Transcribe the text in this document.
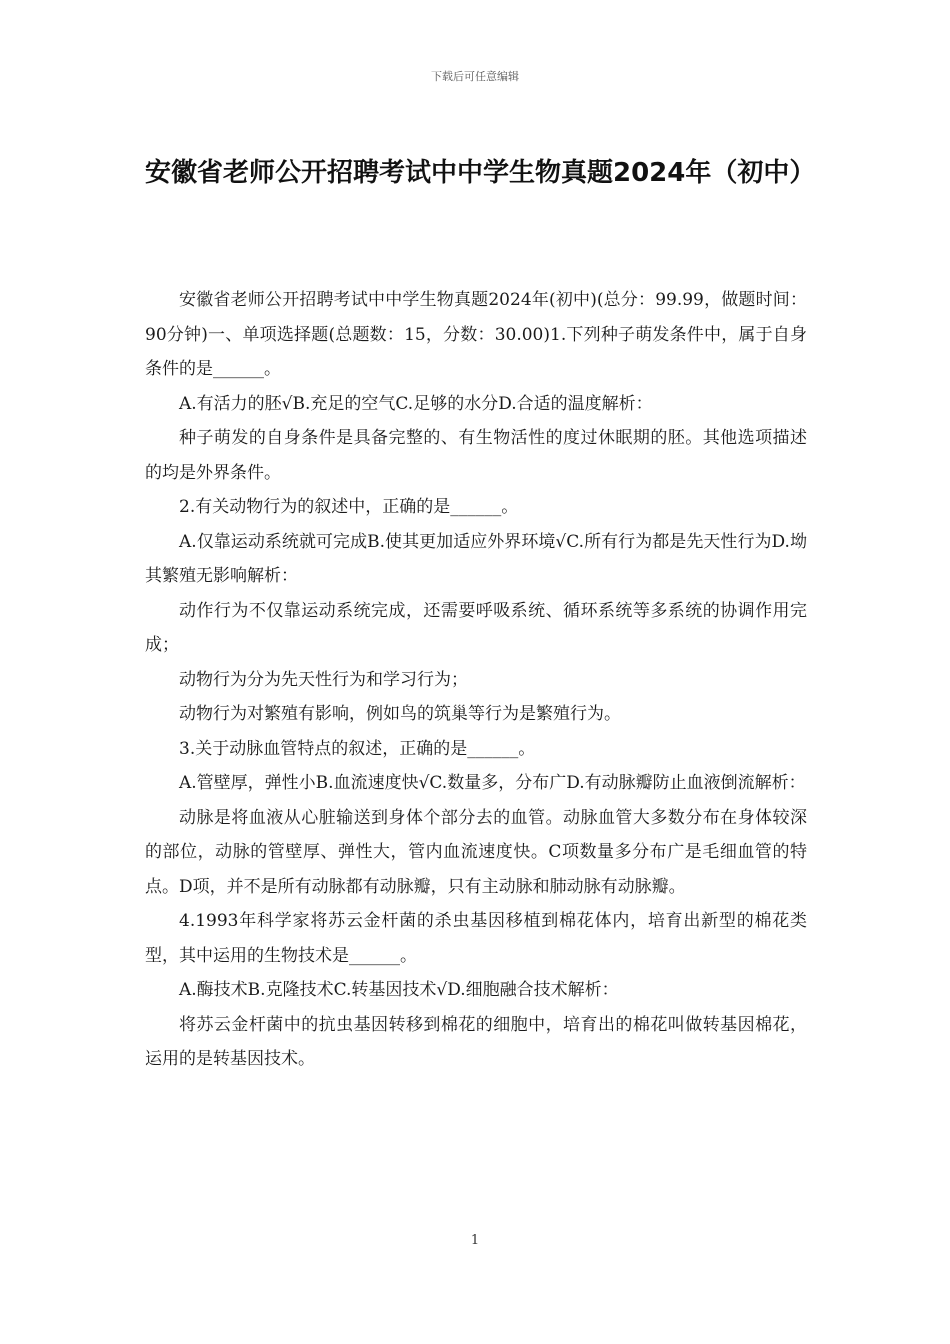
下载后可任意编辑
安徽省老师公开招聘考试中中学生物真题2024年（初中）

安徽省老师公开招聘考试中中学生物真题2024年(初中)(总分：99.99，做题时间：90分钟)一、单项选择题(总题数：15，分数：30.00)1.下列种子萌发条件中，属于自身条件的是______。

A.有活力的胚√B.充足的空气C.足够的水分D.合适的温度解析：

种子萌发的自身条件是具备完整的、有生物活性的度过休眠期的胚。其他选项描述的均是外界条件。

2.有关动物行为的叙述中，正确的是______。

A.仅靠运动系统就可完成B.使其更加适应外界环境√C.所有行为都是先天性行为D.坳其繁殖无影响解析：

动作行为不仅靠运动系统完成，还需要呼吸系统、循环系统等多系统的协调作用完成；

动物行为分为先天性行为和学习行为；

动物行为对繁殖有影响，例如鸟的筑巢等行为是繁殖行为。

3.关于动脉血管特点的叙述，正确的是______。

A.管壁厚，弹性小B.血流速度快√C.数量多，分布广D.有动脉瓣防止血液倒流解析：

动脉是将血液从心脏输送到身体个部分去的血管。动脉血管大多数分布在身体较深的部位，动脉的管壁厚、弹性大，管内血流速度快。C项数量多分布广是毛细血管的特点。D项，并不是所有动脉都有动脉瓣，只有主动脉和肺动脉有动脉瓣。

4.1993年科学家将苏云金杆菌的杀虫基因移植到棉花体内，培育出新型的棉花类型，其中运用的生物技术是______。

A.酶技术B.克隆技术C.转基因技术√D.细胞融合技术解析：

将苏云金杆菌中的抗虫基因转移到棉花的细胞中，培育出的棉花叫做转基因棉花，运用的是转基因技术。

1
